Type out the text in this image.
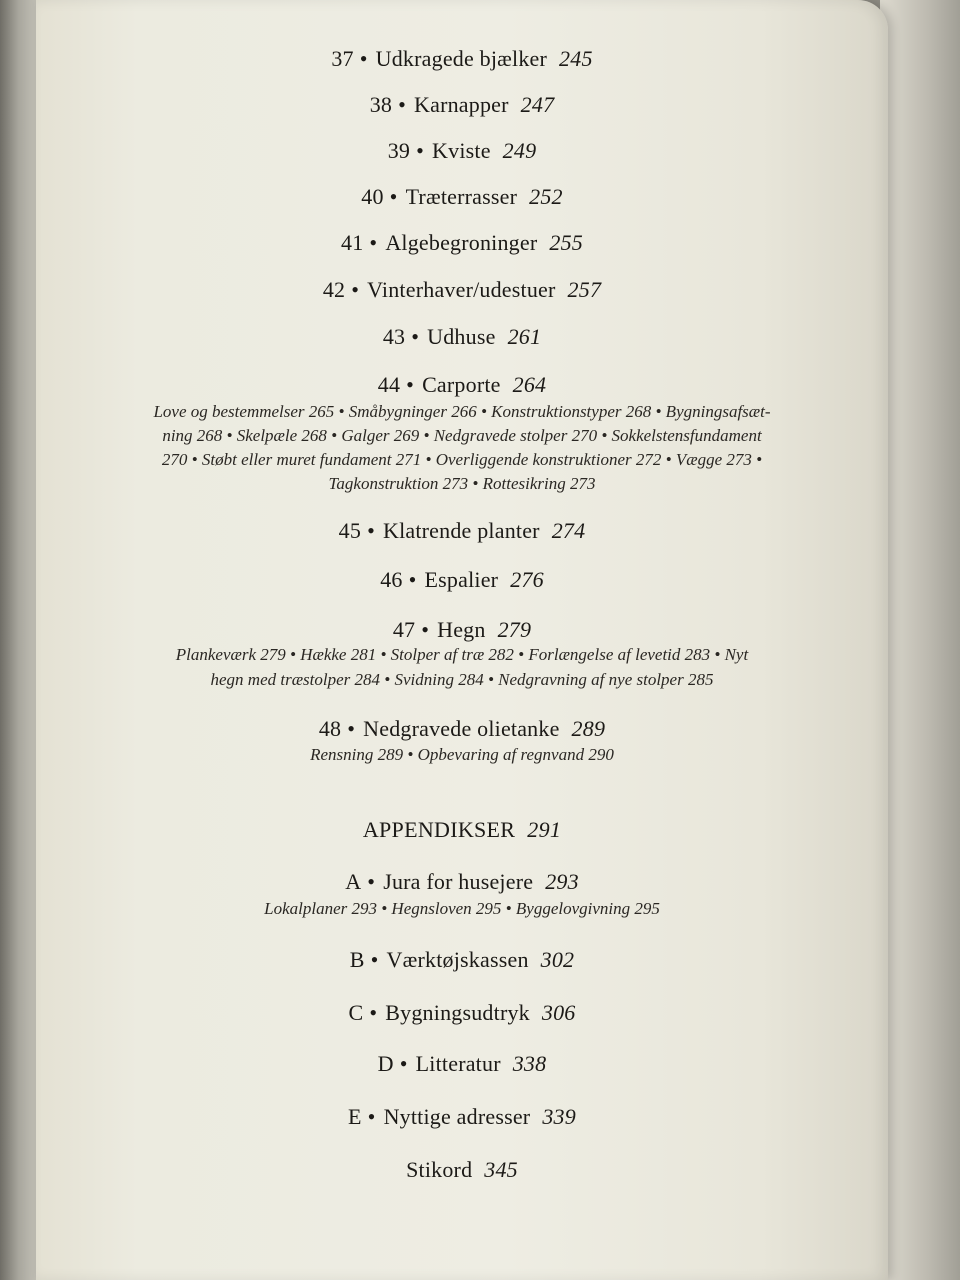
37 • Udkragede bjælker 245
38 • Karnapper 247
39 • Kviste 249
40 • Træterrasser 252
41 • Algebegroninger 255
42 • Vinterhaver/udestuer 257
43 • Udhuse 261
44 • Carporte 264
Love og bestemmelser 265 • Småbygninger 266 • Konstruktionstyper 268 • Bygningsafsæt-
ning 268 • Skelpæle 268 • Galger 269 • Nedgravede stolper 270 • Sokkelstensfundament
270 • Støbt eller muret fundament 271 • Overliggende konstruktioner 272 • Vægge 273 •
Tagkonstruktion 273 • Rottesikring 273
45 • Klatrende planter 274
46 • Espalier 276
47 • Hegn 279
Plankeværk 279 • Hække 281 • Stolper af træ 282 • Forlængelse af levetid 283 • Nyt
hegn med træstolper 284 • Svidning 284 • Nedgravning af nye stolper 285
48 • Nedgravede olietanke 289
Rensning 289 • Opbevaring af regnvand 290
APPENDIKSER 291
A • Jura for husejere 293
Lokalplaner 293 • Hegnsloven 295 • Byggelovgivning 295
B • Værktøjskassen 302
C • Bygningsudtryk 306
D • Litteratur 338
E • Nyttige adresser 339
Stikord 345
